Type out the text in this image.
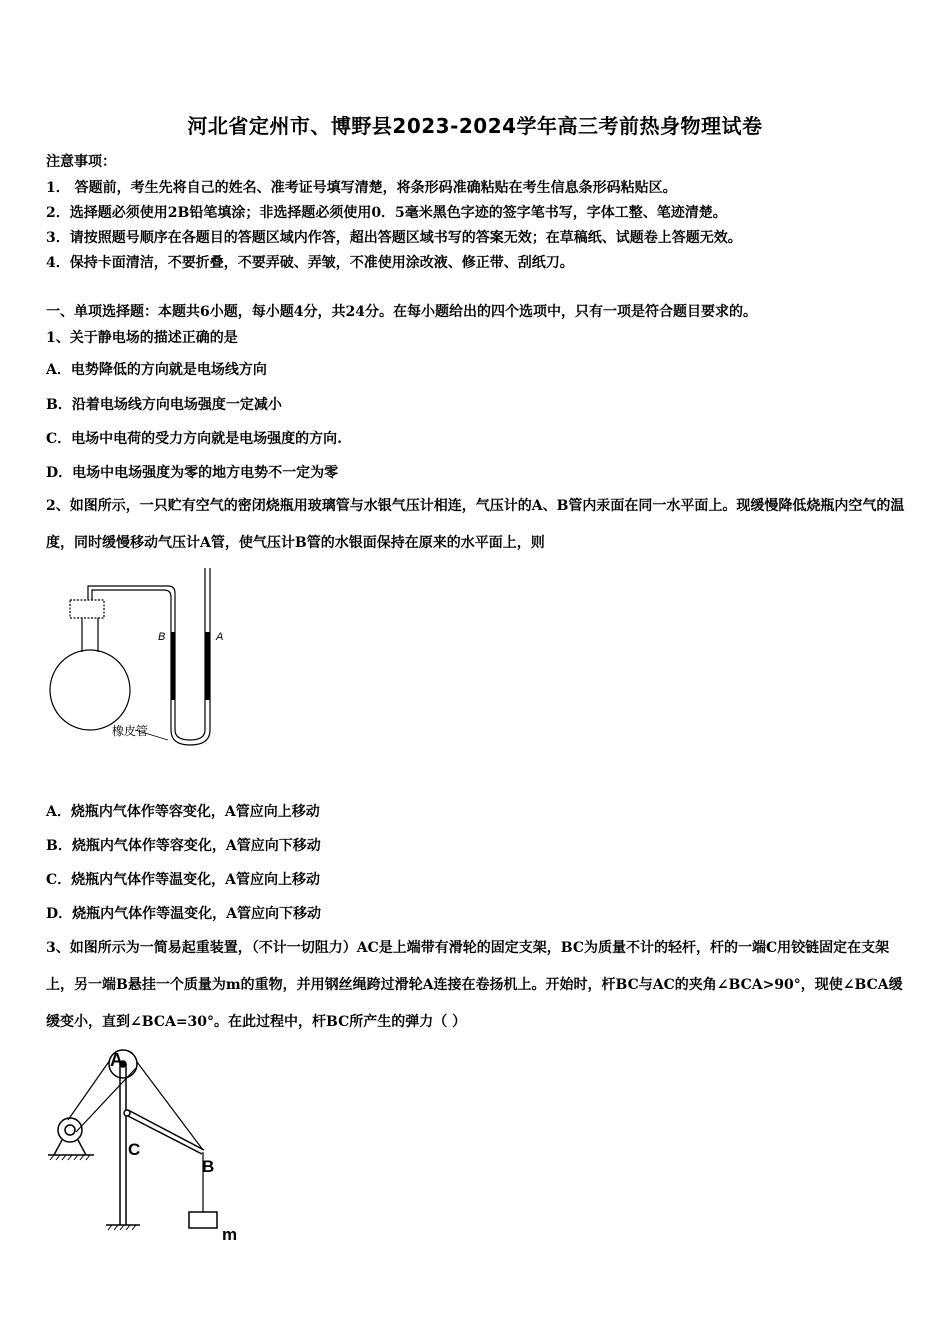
河北省定州市、博野县2023-2024学年高三考前热身物理试卷
注意事项：
1． 答题前，考生先将自己的姓名、准考证号填写清楚，将条形码准确粘贴在考生信息条形码粘贴区。
2．选择题必须使用2B铅笔填涂；非选择题必须使用0．5毫米黑色字迹的签字笔书写，字体工整、笔迹清楚。
3．请按照题号顺序在各题目的答题区域内作答，超出答题区域书写的答案无效；在草稿纸、试题卷上答题无效。
4．保持卡面清洁，不要折叠，不要弄破、弄皱，不准使用涂改液、修正带、刮纸刀。
一、单项选择题：本题共6小题，每小题4分，共24分。在每小题给出的四个选项中，只有一项是符合题目要求的。
1、关于静电场的描述正确的是
A．电势降低的方向就是电场线方向
B．沿着电场线方向电场强度一定减小
C．电场中电荷的受力方向就是电场强度的方向.
D．电场中电场强度为零的地方电势不一定为零
2、如图所示，一只贮有空气的密闭烧瓶用玻璃管与水银气压计相连，气压计的A、B管内汞面在同一水平面上。现缓慢降低烧瓶内空气的温度，同时缓慢移动气压计A管，使气压计B管的水银面保持在原来的水平面上，则
B	A
橡皮管
A．烧瓶内气体作等容变化，A管应向上移动
B．烧瓶内气体作等容变化，A管应向下移动
C．烧瓶内气体作等温变化，A管应向上移动
D．烧瓶内气体作等温变化，A管应向下移动
3、如图所示为一简易起重装置，（不计一切阻力）AC是上端带有滑轮的固定支架，BC为质量不计的轻杆，杆的一端C用铰链固定在支架上，另一端B悬挂一个质量为m的重物，并用钢丝绳跨过滑轮A连接在卷扬机上。开始时，杆BC与AC的夹角∠BCA>90°，现使∠BCA缓缓变小，直到∠BCA=30°。在此过程中，杆BC所产生的弹力（ ）
A
C
B
m
